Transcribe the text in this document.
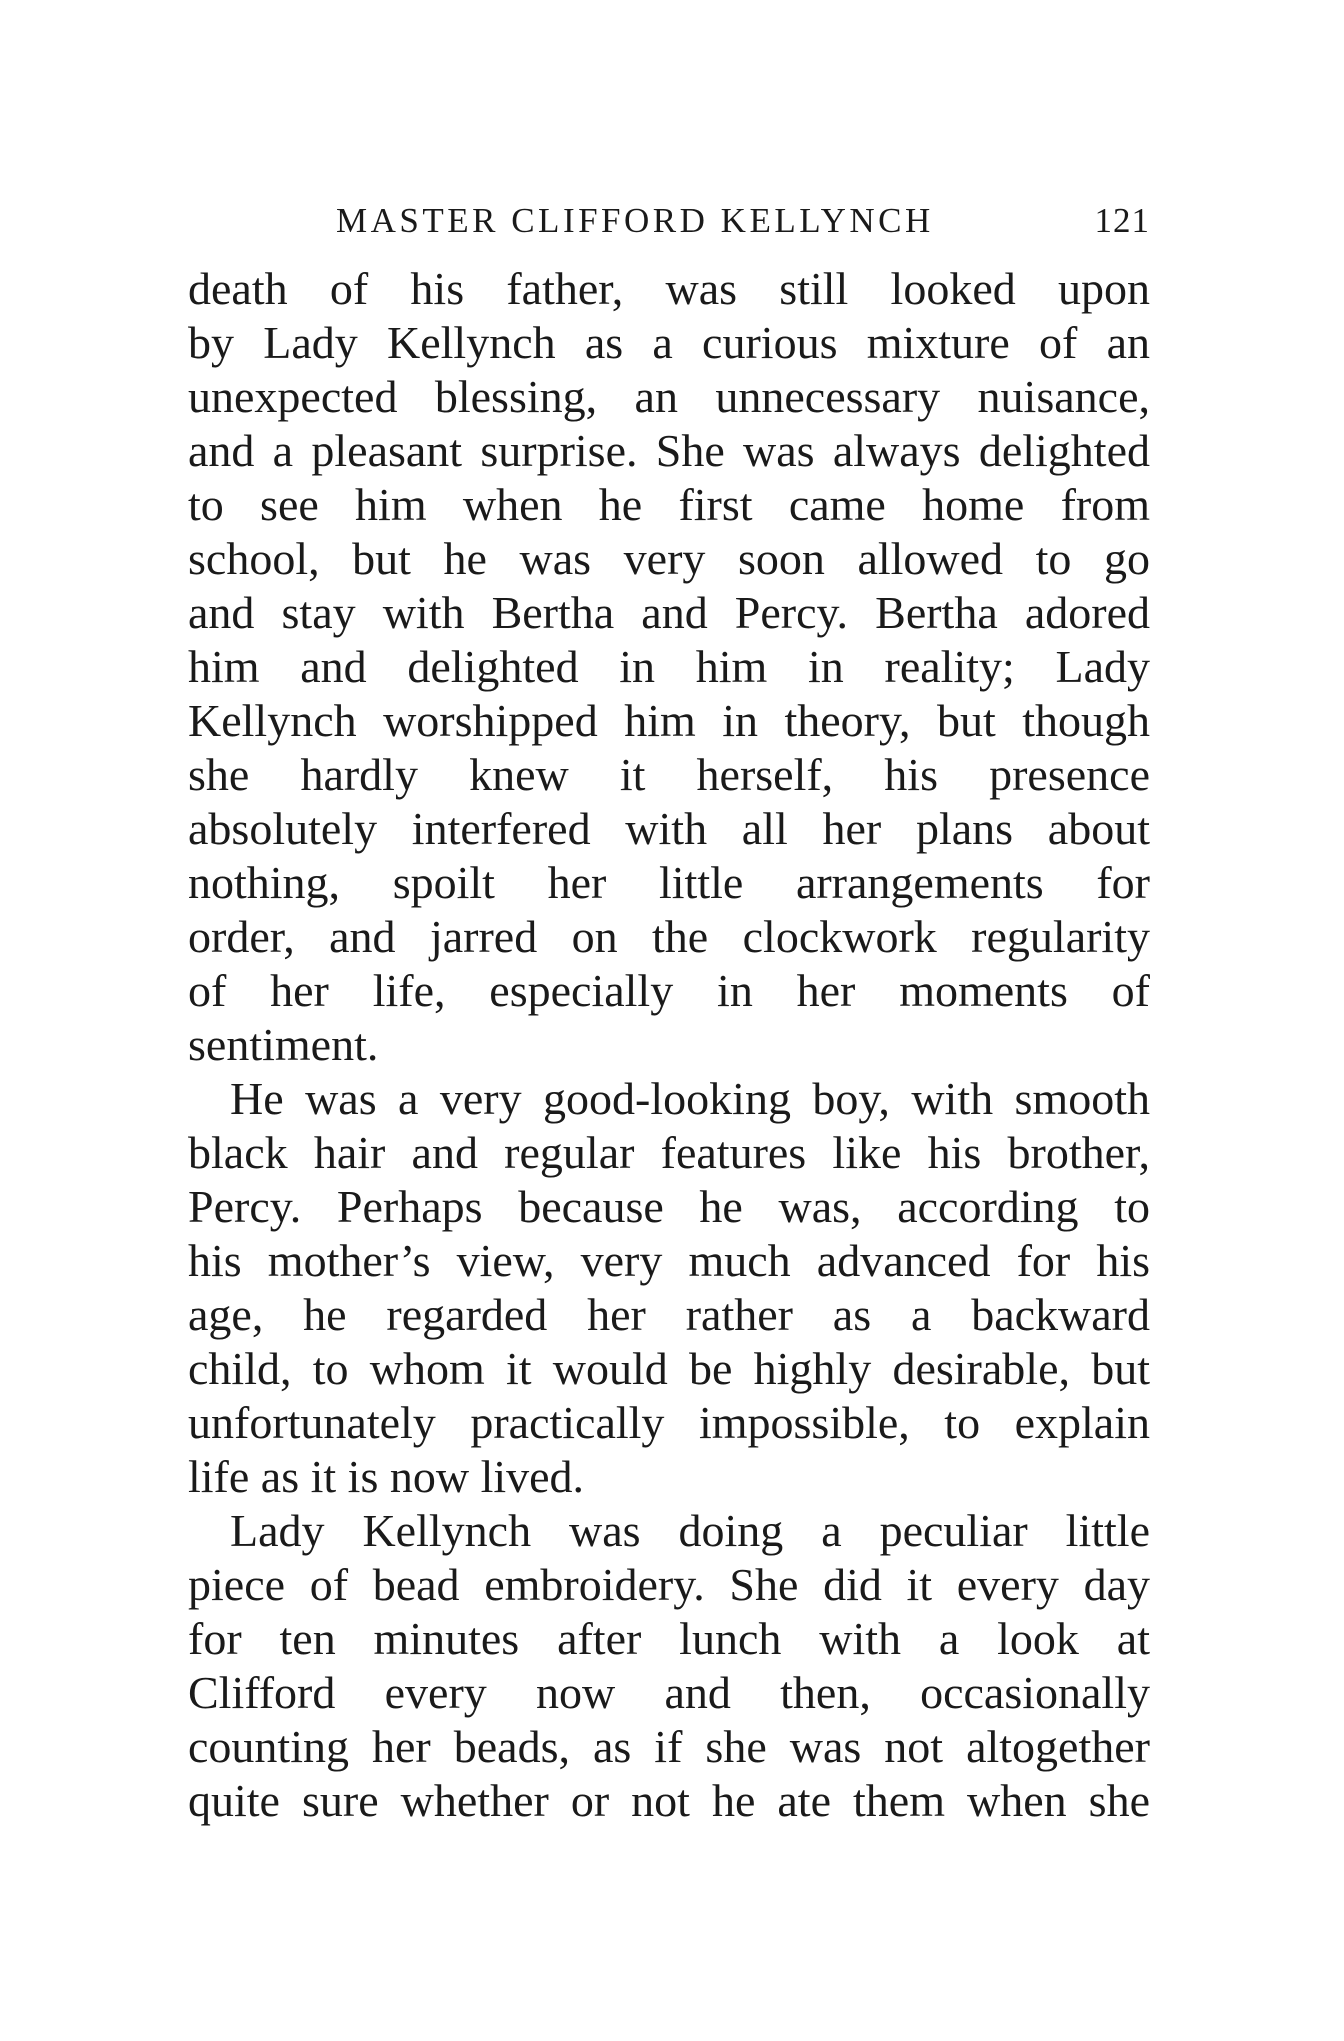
MASTER CLIFFORD KELLYNCH	121
death of his father, was still looked upon
by Lady Kellynch as a curious mixture of an
unexpected blessing, an unnecessary nuisance,
and a pleasant surprise. She was always delighted
to see him when he first came home from
school, but he was very soon allowed to go
and stay with Bertha and Percy. Bertha adored
him and delighted in him in reality; Lady
Kellynch worshipped him in theory, but though
she hardly knew it herself, his presence
absolutely interfered with all her plans about
nothing, spoilt her little arrangements for
order, and jarred on the clockwork regularity
of her life, especially in her moments of
sentiment.
He was a very good-looking boy, with smooth
black hair and regular features like his brother,
Percy. Perhaps because he was, according to
his mother’s view, very much advanced for his
age, he regarded her rather as a backward
child, to whom it would be highly desirable, but
unfortunately practically impossible, to explain
life as it is now lived.
Lady Kellynch was doing a peculiar little
piece of bead embroidery. She did it every day
for ten minutes after lunch with a look at
Clifford every now and then, occasionally
counting her beads, as if she was not altogether
quite sure whether or not he ate them when she
